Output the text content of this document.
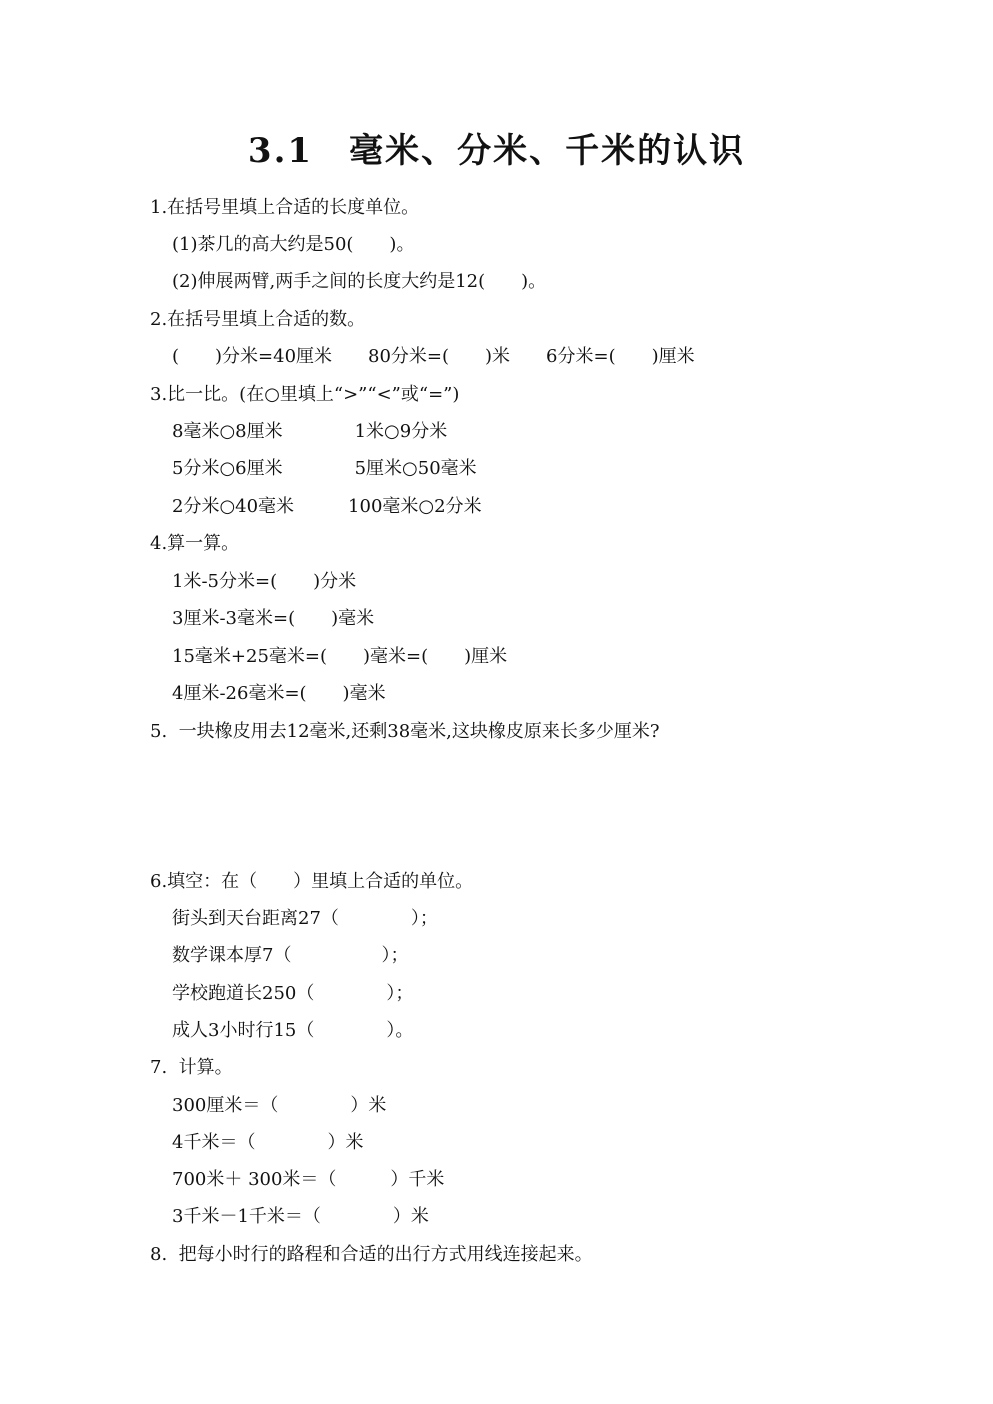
3.1　毫米、分米、千米的认识
1.在括号里填上合适的长度单位。
(1)茶几的高大约是50(　　)。
(2)伸展两臂,两手之间的长度大约是12(　　)。
2.在括号里填上合适的数。
(　　)分米=40厘米　　80分米=(　　)米　　6分米=(　　)厘米
3.比一比。(在○里填上“>”“<”或“=”)
8毫米○8厘米　　　　1米○9分米
5分米○6厘米　　　　5厘米○50毫米
2分米○40毫米　　　100毫米○2分米
4.算一算。
1米-5分米=(　　)分米
3厘米-3毫米=(　　)毫米
15毫米+25毫米=(　　)毫米=(　　)厘米
4厘米-26毫米=(　　)毫米
5.  一块橡皮用去12毫米,还剩38毫米,这块橡皮原来长多少厘米?
6.填空：在（　　）里填上合适的单位。
街头到天台距离27（　　　　）；
数学课本厚7（　　　　　）；
学校跑道长250（　　　　）；
成人3小时行15（　　　　）。
7.  计算。
300厘米＝（　　　　）米
4千米＝（　　　　）米
700米＋ 300米＝（　　　）千米
3千米－1千米＝（　　　　）米
8.  把每小时行的路程和合适的出行方式用线连接起来。
